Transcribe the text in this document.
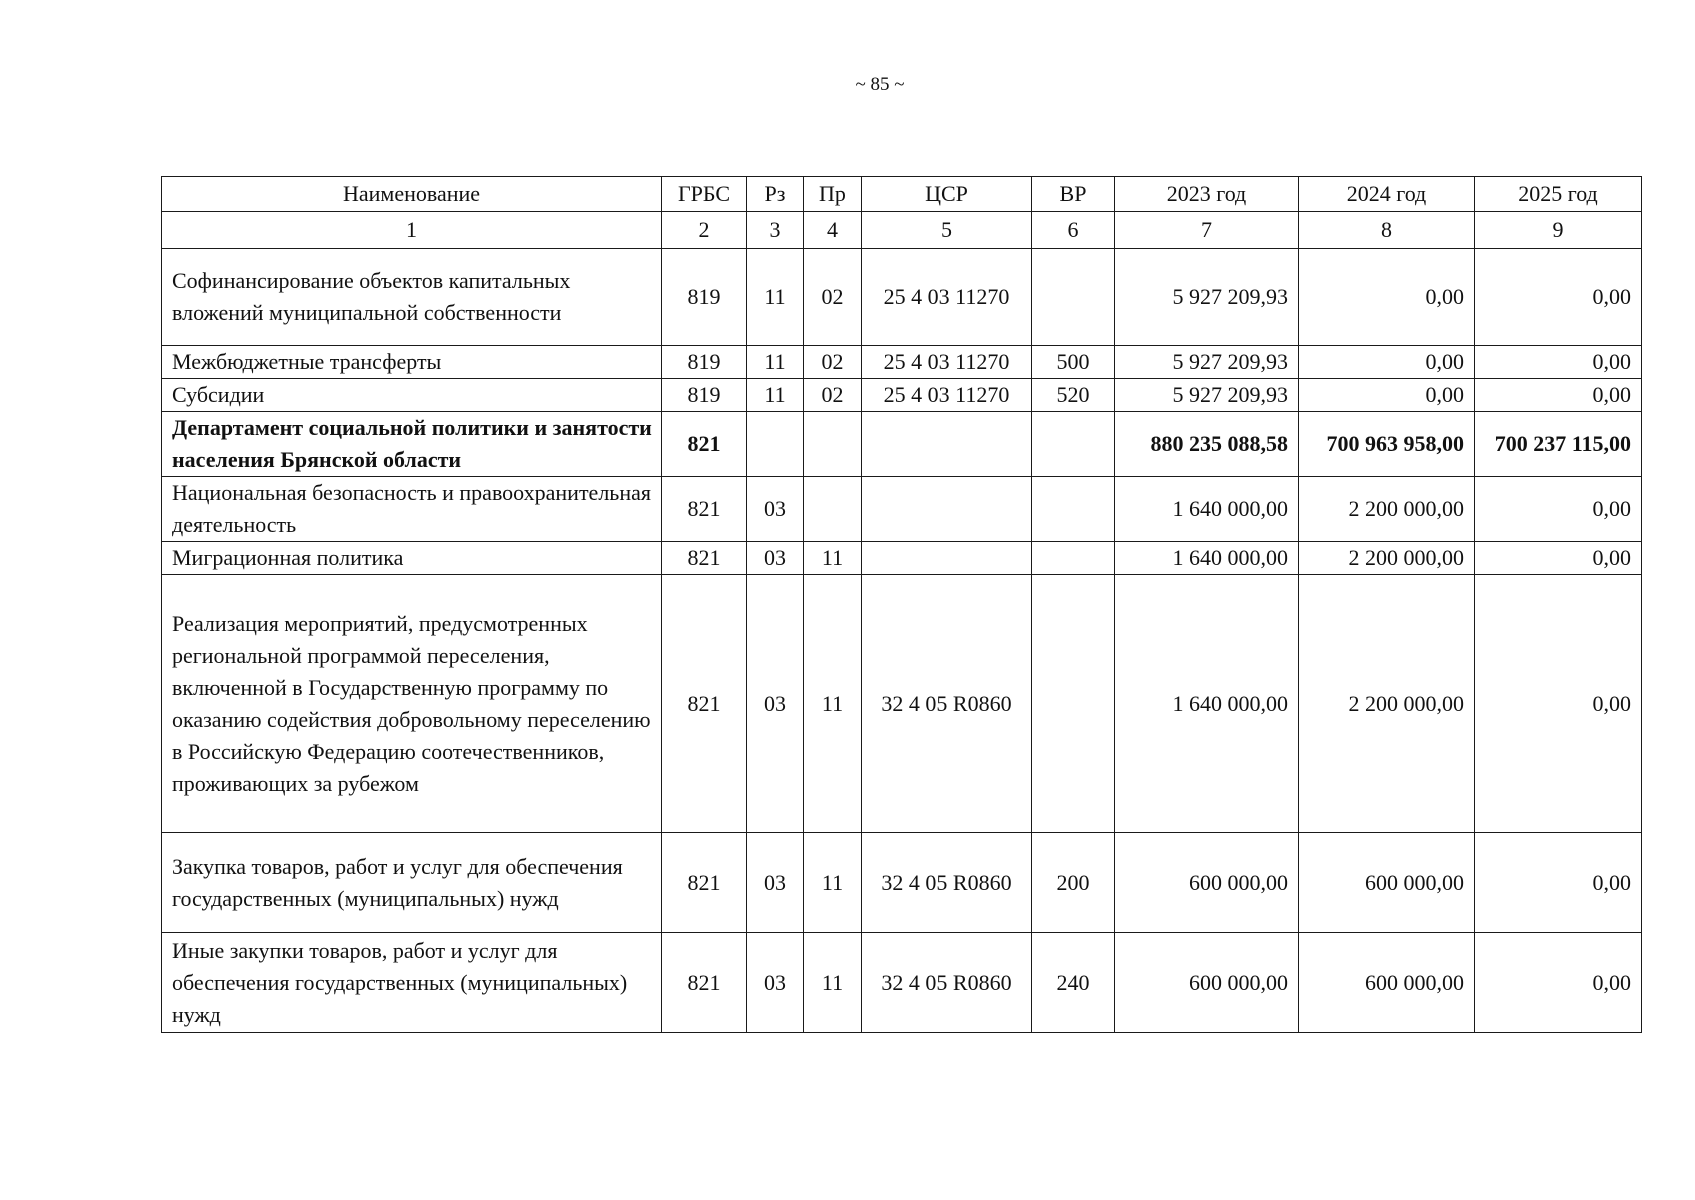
~ 85 ~
Наименование	ГРБС	Рз	Пр	ЦСР	ВР	2023 год	2024 год	2025 год
1	2	3	4	5	6	7	8	9
Софинансирование объектов капитальных вложений муниципальной собственности	819	11	02	25 4 03 11270		5 927 209,93	0,00	0,00
Межбюджетные трансферты	819	11	02	25 4 03 11270	500	5 927 209,93	0,00	0,00
Субсидии	819	11	02	25 4 03 11270	520	5 927 209,93	0,00	0,00
Департамент социальной политики и занятости населения Брянской области	821					880 235 088,58	700 963 958,00	700 237 115,00
Национальная безопасность и правоохранительная деятельность	821	03				1 640 000,00	2 200 000,00	0,00
Миграционная политика	821	03	11			1 640 000,00	2 200 000,00	0,00
Реализация мероприятий, предусмотренных региональной программой переселения, включенной в Государственную программу по оказанию содействия добровольному переселению в Российскую Федерацию соотечественников, проживающих за рубежом	821	03	11	32 4 05 R0860		1 640 000,00	2 200 000,00	0,00
Закупка товаров, работ и услуг для обеспечения государственных (муниципальных) нужд	821	03	11	32 4 05 R0860	200	600 000,00	600 000,00	0,00
Иные закупки товаров, работ и услуг для обеспечения государственных (муниципальных) нужд	821	03	11	32 4 05 R0860	240	600 000,00	600 000,00	0,00
